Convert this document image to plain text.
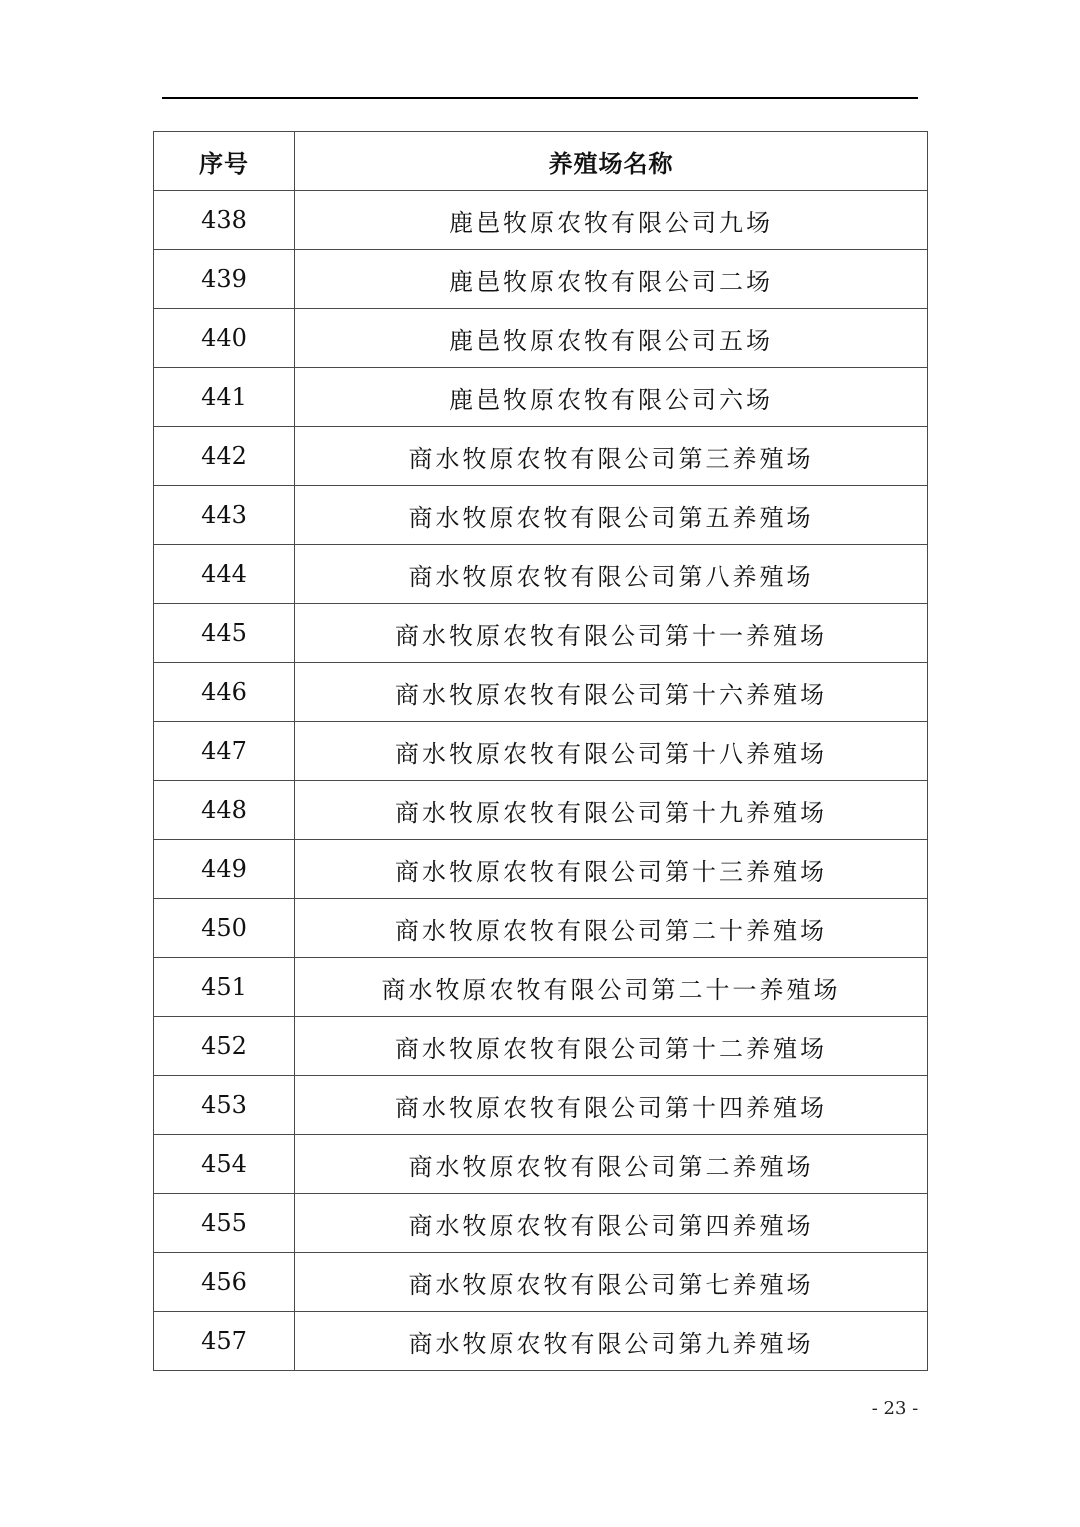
序号	养殖场名称
438	鹿邑牧原农牧有限公司九场
439	鹿邑牧原农牧有限公司二场
440	鹿邑牧原农牧有限公司五场
441	鹿邑牧原农牧有限公司六场
442	商水牧原农牧有限公司第三养殖场
443	商水牧原农牧有限公司第五养殖场
444	商水牧原农牧有限公司第八养殖场
445	商水牧原农牧有限公司第十一养殖场
446	商水牧原农牧有限公司第十六养殖场
447	商水牧原农牧有限公司第十八养殖场
448	商水牧原农牧有限公司第十九养殖场
449	商水牧原农牧有限公司第十三养殖场
450	商水牧原农牧有限公司第二十养殖场
451	商水牧原农牧有限公司第二十一养殖场
452	商水牧原农牧有限公司第十二养殖场
453	商水牧原农牧有限公司第十四养殖场
454	商水牧原农牧有限公司第二养殖场
455	商水牧原农牧有限公司第四养殖场
456	商水牧原农牧有限公司第七养殖场
457	商水牧原农牧有限公司第九养殖场
- 23 -
